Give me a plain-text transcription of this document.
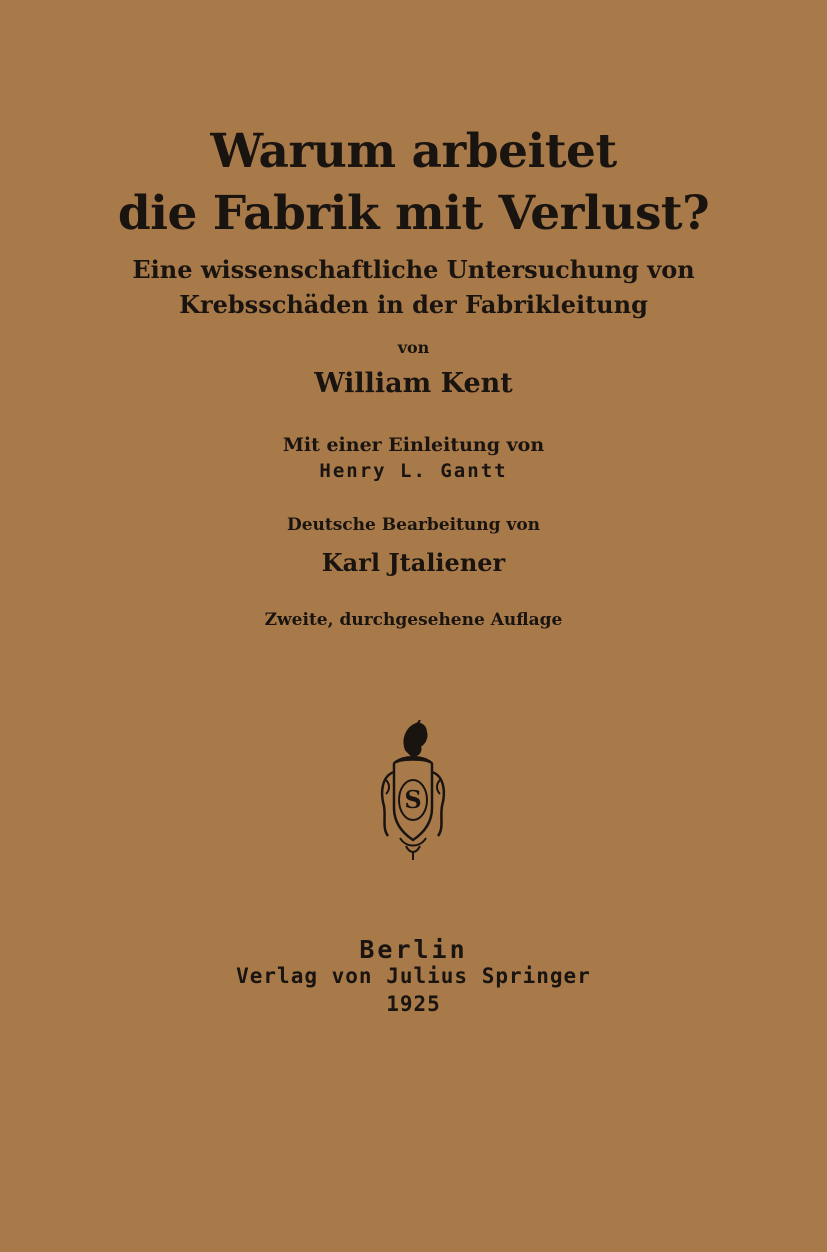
Warum arbeitet
die Fabrik mit Verlust?
Eine wissenschaftliche Untersuchung von
Krebsschäden in der Fabrikleitung
von
William Kent
Mit einer Einleitung von
Henry L. Gantt
Deutsche Bearbeitung von
Karl Jtaliener
Zweite, durchgesehene Auflage
S
Berlin
Verlag von Julius Springer
1925
